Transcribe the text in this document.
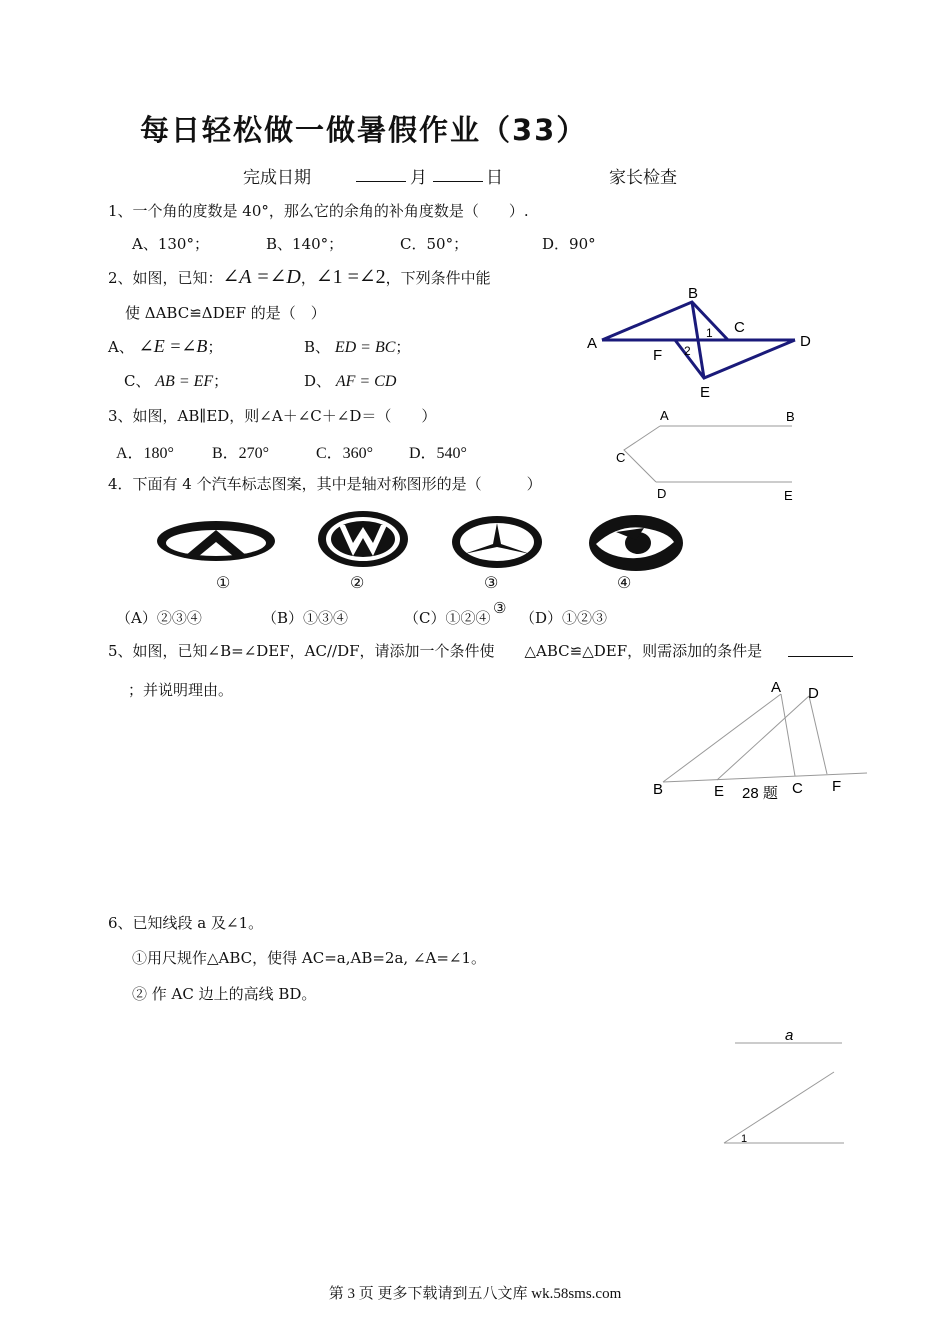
每日轻松做一做暑假作业（33）
完成日期	月	日	家长检查
1、一个角的度数是 40°，那么它的余角的补角度数是（　　）.
A、130°；	B、140°；	C．50°；	D．90°
2、如图，已知：∠A =∠D，∠1 =∠2，下列条件中能
使 ΔABC≌ΔDEF 的是（　）
A、 ∠E =∠B；	B、 ED = BC；
C、 AB = EF；	D、 AF = CD
A
B
C
D
E
F
1
2
3、如图，AB∥ED，则∠A＋∠C＋∠D＝（　　）
A．180° B．270°	C．360° D．540°
A	B
C
D	E
4．下面有 4 个汽车标志图案，其中是轴对称图形的是（　　　）
①	②	③	④
（A）②③④	（B）①③④	（C）①②④
③
（D）①②③
5、如图，已知∠B=∠DEF，AC//DF，请添加一个条件使　　△ABC≌△DEF，则需添加的条件是
；并说明理由。	A D
B	E	C F
28 题
6、已知线段 a 及∠1。
①用尺规作△ABC，使得 AC=a,AB=2a, ∠A=∠1。
② 作 AC 边上的高线 BD。
a
1
第 3 页 更多下载请到五八文库 wk.58sms.com
